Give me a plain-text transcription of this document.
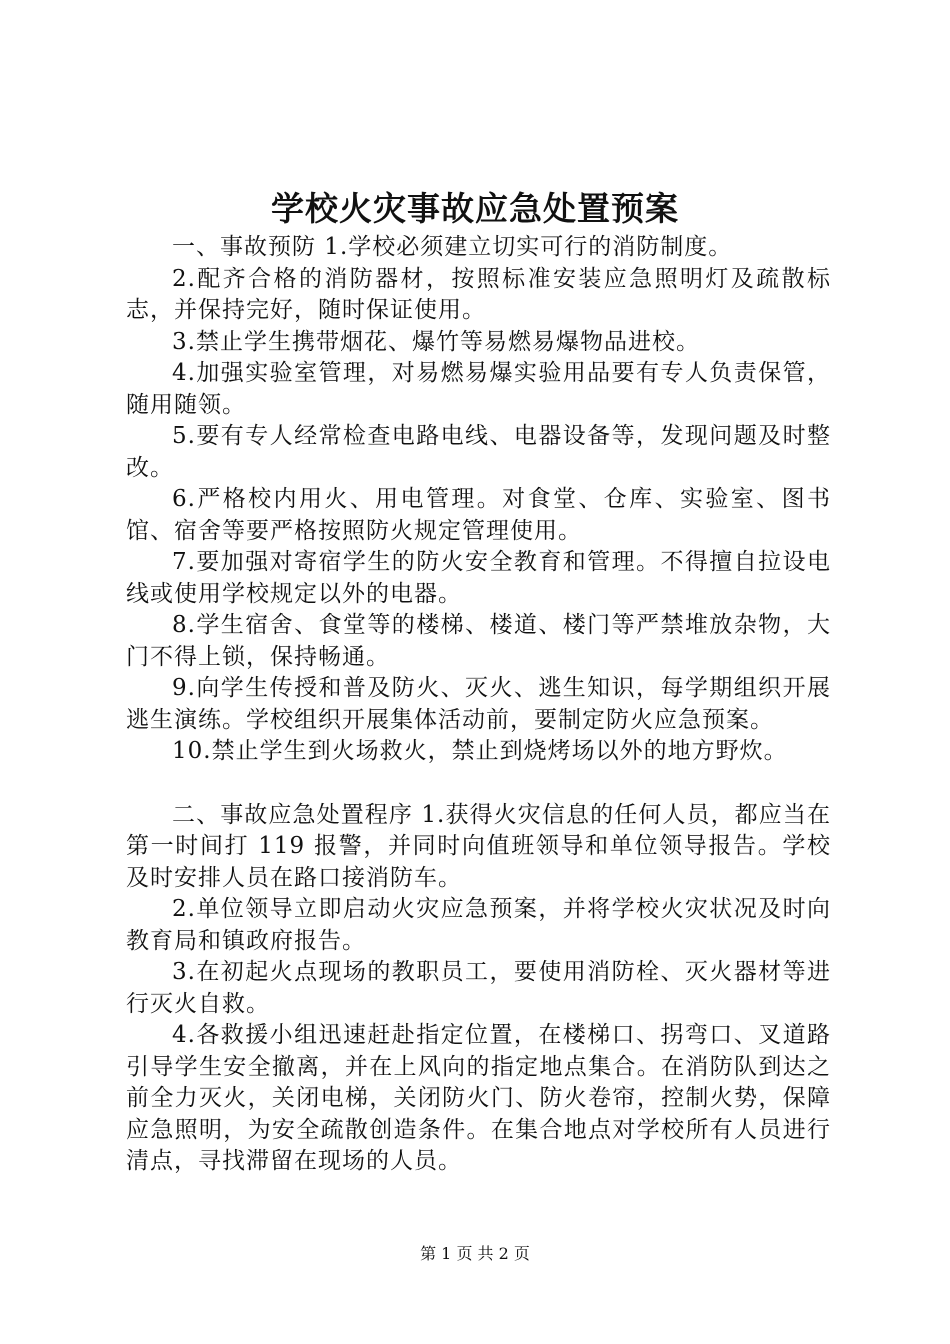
学校火灾事故应急处置预案

一、事故预防 1.学校必须建立切实可行的消防制度。

2.配齐合格的消防器材，按照标准安装应急照明灯及疏散标志，并保持完好，随时保证使用。

3.禁止学生携带烟花、爆竹等易燃易爆物品进校。

4.加强实验室管理，对易燃易爆实验用品要有专人负责保管，随用随领。

5.要有专人经常检查电路电线、电器设备等，发现问题及时整改。

6.严格校内用火、用电管理。对食堂、仓库、实验室、图书馆、宿舍等要严格按照防火规定管理使用。

7.要加强对寄宿学生的防火安全教育和管理。不得擅自拉设电线或使用学校规定以外的电器。

8.学生宿舍、食堂等的楼梯、楼道、楼门等严禁堆放杂物，大门不得上锁，保持畅通。

9.向学生传授和普及防火、灭火、逃生知识，每学期组织开展逃生演练。学校组织开展集体活动前，要制定防火应急预案。

10.禁止学生到火场救火，禁止到烧烤场以外的地方野炊。

二、事故应急处置程序 1.获得火灾信息的任何人员，都应当在第一时间打 119 报警，并同时向值班领导和单位领导报告。学校及时安排人员在路口接消防车。

2.单位领导立即启动火灾应急预案，并将学校火灾状况及时向教育局和镇政府报告。

3.在初起火点现场的教职员工，要使用消防栓、灭火器材等进行灭火自救。

4.各救援小组迅速赶赴指定位置，在楼梯口、拐弯口、叉道路引导学生安全撤离，并在上风向的指定地点集合。在消防队到达之前全力灭火，关闭电梯，关闭防火门、防火卷帘，控制火势，保障应急照明，为安全疏散创造条件。在集合地点对学校所有人员进行清点，寻找滞留在现场的人员。

第 1 页 共 2 页
